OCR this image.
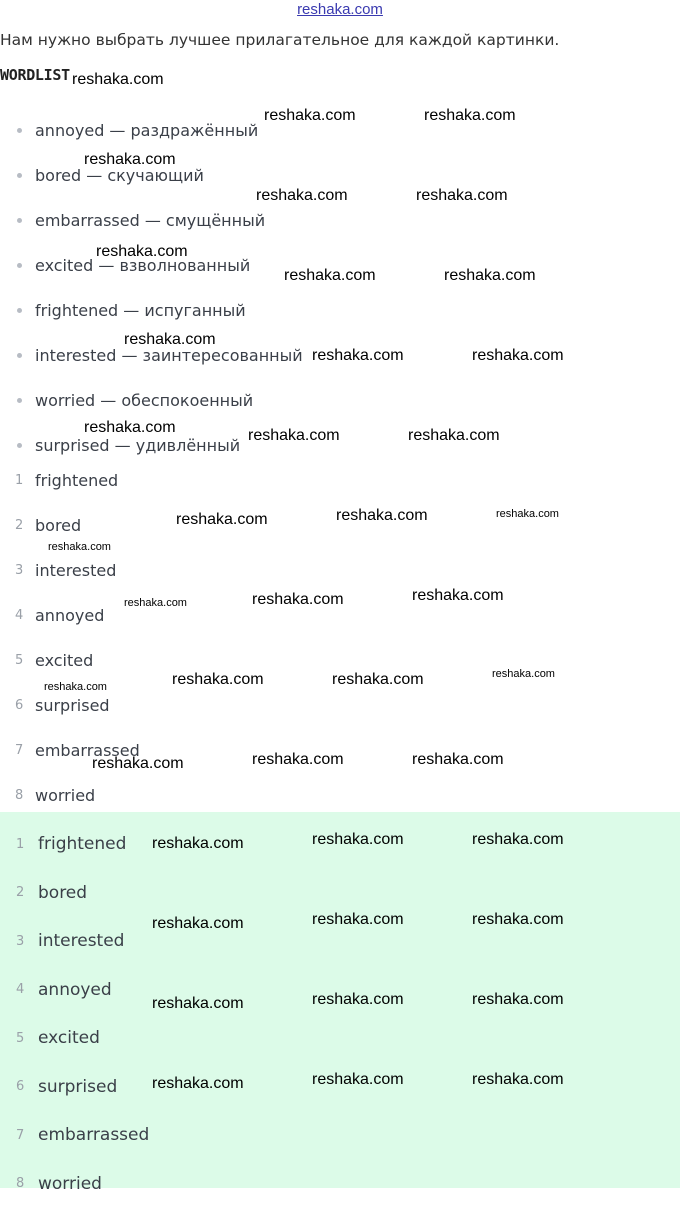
reshaka.com
Нам нужно выбрать лучшее прилагательное для каждой картинки.
WORDLIST
annoyed — раздражённый
bored — скучающий
embarrassed — смущённый
excited — взволнованный
frightened — испуганный
interested — заинтересованный
worried — обеспокоенный
surprised — удивлённый
1 frightened
2 bored
3 interested
4 annoyed
5 excited
6 surprised
7 embarrassed
8 worried
1 frightened
2 bored
3 interested
4 annoyed
5 excited
6 surprised
7 embarrassed
8 worried
reshaka.com
reshaka.com	reshaka.com
reshaka.com
reshaka.com	reshaka.com
reshaka.com
reshaka.com	reshaka.com
reshaka.com
reshaka.com	reshaka.com
reshaka.com	reshaka.com	reshaka.com
reshaka.com	reshaka.com	reshaka.com
reshaka.com
reshaka.com	reshaka.com	reshaka.com
reshaka.com	reshaka.com	reshaka.com
reshaka.com
reshaka.com	reshaka.com	reshaka.com
reshaka.com	reshaka.com	reshaka.com
reshaka.com	reshaka.com	reshaka.com
reshaka.com	reshaka.com	reshaka.com
reshaka.com	reshaka.com	reshaka.com
